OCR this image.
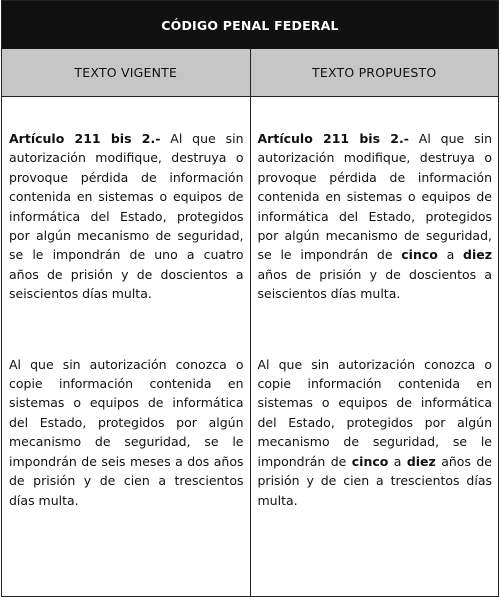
CÓDIGO PENAL FEDERAL
TEXTO VIGENTE	TEXTO PROPUESTO

Artículo 211 bis 2.- Al que sin autorización modifique, destruya o provoque pérdida de información contenida en sistemas o equipos de informática del Estado, protegidos por algún mecanismo de seguridad, se le impondrán de uno a cuatro años de prisión y de doscientos a seiscientos días multa.

Al que sin autorización conozca o copie información contenida en sistemas o equipos de informática del Estado, protegidos por algún mecanismo de seguridad, se le impondrán de seis meses a dos años de prisión y de cien a trescientos días multa.

Artículo 211 bis 2.- Al que sin autorización modifique, destruya o provoque pérdida de información contenida en sistemas o equipos de informática del Estado, protegidos por algún mecanismo de seguridad, se le impondrán de cinco a diez años de prisión y de doscientos a seiscientos días multa.

Al que sin autorización conozca o copie información contenida en sistemas o equipos de informática del Estado, protegidos por algún mecanismo de seguridad, se le impondrán de cinco a diez años de prisión y de cien a trescientos días multa.
